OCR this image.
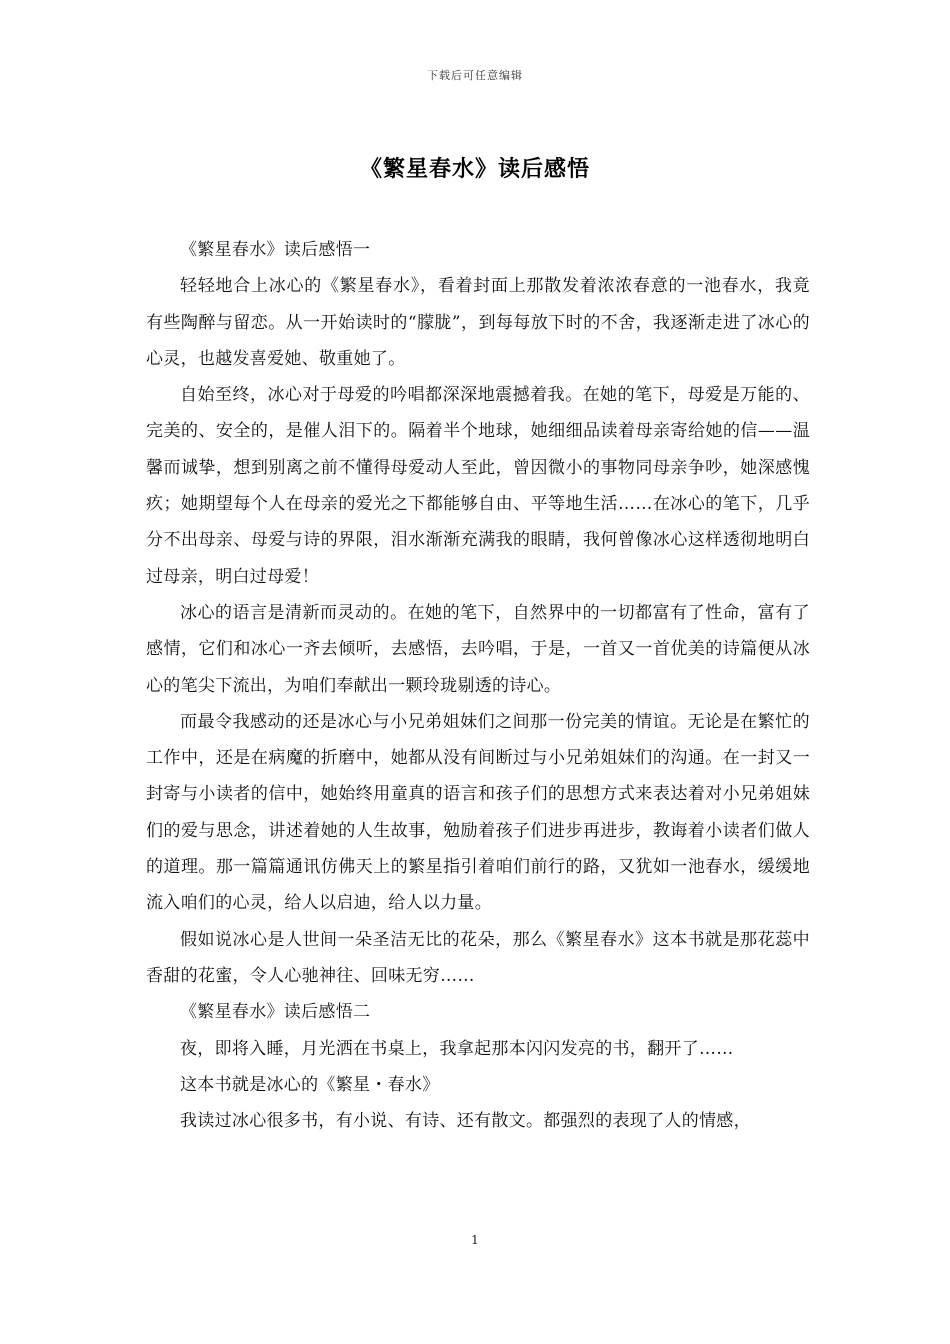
下载后可任意编辑
《繁星春水》读后感悟

《繁星春水》读后感悟一

轻轻地合上冰心的《繁星春水》，看着封面上那散发着浓浓春意的一池春水，我竟有些陶醉与留恋。从一开始读时的“朦胧”，到每每放下时的不舍，我逐渐走进了冰心的心灵，也越发喜爱她、敬重她了。

自始至终，冰心对于母爱的吟唱都深深地震撼着我。在她的笔下，母爱是万能的、完美的、安全的，是催人泪下的。隔着半个地球，她细细品读着母亲寄给她的信——温馨而诚挚，想到别离之前不懂得母爱动人至此，曾因微小的事物同母亲争吵，她深感愧疚；她期望每个人在母亲的爱光之下都能够自由、平等地生活……在冰心的笔下，几乎分不出母亲、母爱与诗的界限，泪水渐渐充满我的眼睛，我何曾像冰心这样透彻地明白过母亲，明白过母爱！

冰心的语言是清新而灵动的。在她的笔下，自然界中的一切都富有了性命，富有了感情，它们和冰心一齐去倾听，去感悟，去吟唱，于是，一首又一首优美的诗篇便从冰心的笔尖下流出，为咱们奉献出一颗玲珑剔透的诗心。

而最令我感动的还是冰心与小兄弟姐妹们之间那一份完美的情谊。无论是在繁忙的工作中，还是在病魔的折磨中，她都从没有间断过与小兄弟姐妹们的沟通。在一封又一封寄与小读者的信中，她始终用童真的语言和孩子们的思想方式来表达着对小兄弟姐妹们的爱与思念，讲述着她的人生故事，勉励着孩子们进步再进步，教诲着小读者们做人的道理。那一篇篇通讯仿佛天上的繁星指引着咱们前行的路，又犹如一池春水，缓缓地流入咱们的心灵，给人以启迪，给人以力量。

假如说冰心是人世间一朵圣洁无比的花朵，那么《繁星春水》这本书就是那花蕊中香甜的花蜜，令人心驰神往、回味无穷……

《繁星春水》读后感悟二

夜，即将入睡，月光洒在书桌上，我拿起那本闪闪发亮的书，翻开了……

这本书就是冰心的《繁星・春水》

我读过冰心很多书，有小说、有诗、还有散文。都强烈的表现了人的情感，

1
